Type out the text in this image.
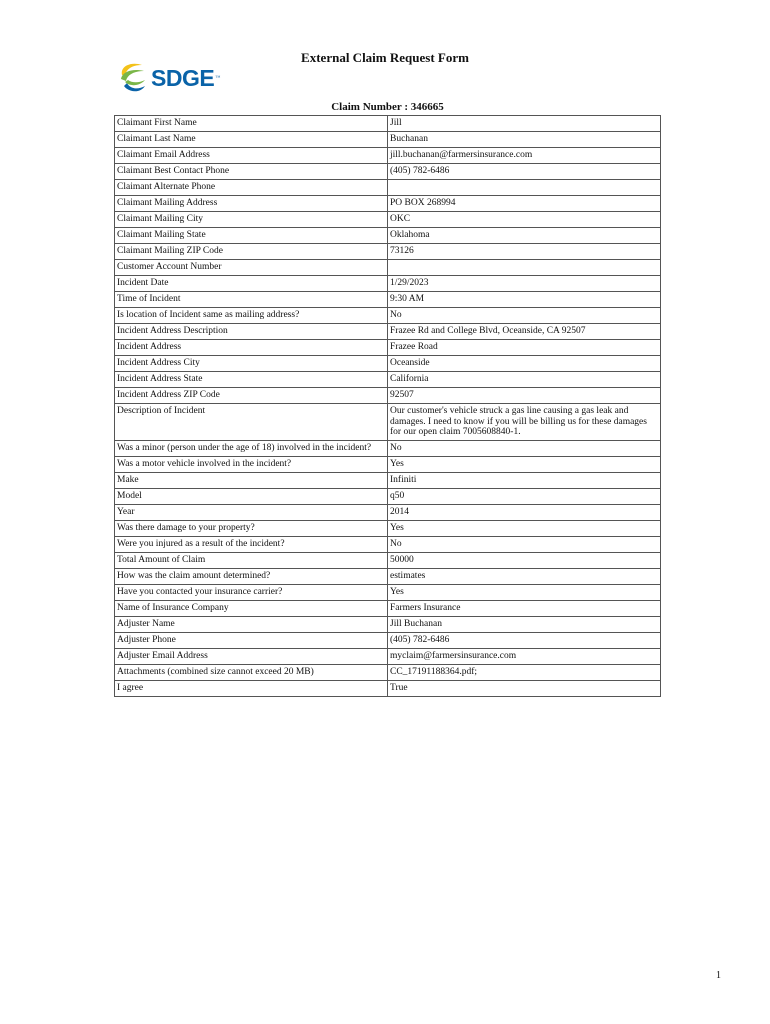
SDGE ™
External Claim Request Form
Claim Number : 346665
Claimant First Name	Jill
Claimant Last Name	Buchanan
Claimant Email Address	jill.buchanan@farmersinsurance.com
Claimant Best Contact Phone	(405) 782-6486
Claimant Alternate Phone	
Claimant Mailing Address	PO BOX 268994
Claimant Mailing City	OKC
Claimant Mailing State	Oklahoma
Claimant Mailing ZIP Code	73126
Customer Account Number	
Incident Date	1/29/2023
Time of Incident	9:30 AM
Is location of Incident same as mailing address?	No
Incident Address Description	Frazee Rd and College Blvd, Oceanside, CA 92507
Incident Address	Frazee Road
Incident Address City	Oceanside
Incident Address State	California
Incident Address ZIP Code	92507
Description of Incident	Our customer's vehicle struck a gas line causing a gas leak and damages. I need to know if you will be billing us for these damages for our open claim 7005608840-1.
Was a minor (person under the age of 18) involved in the incident?	No
Was a motor vehicle involved in the incident?	Yes
Make	Infiniti
Model	q50
Year	2014
Was there damage to your property?	Yes
Were you injured as a result of the incident?	No
Total Amount of Claim	50000
How was the claim amount determined?	estimates
Have you contacted your insurance carrier?	Yes
Name of Insurance Company	Farmers Insurance
Adjuster Name	Jill Buchanan
Adjuster Phone	(405) 782-6486
Adjuster Email Address	myclaim@farmersinsurance.com
Attachments (combined size cannot exceed 20 MB)	CC_17191188364.pdf;
I agree	True
1
